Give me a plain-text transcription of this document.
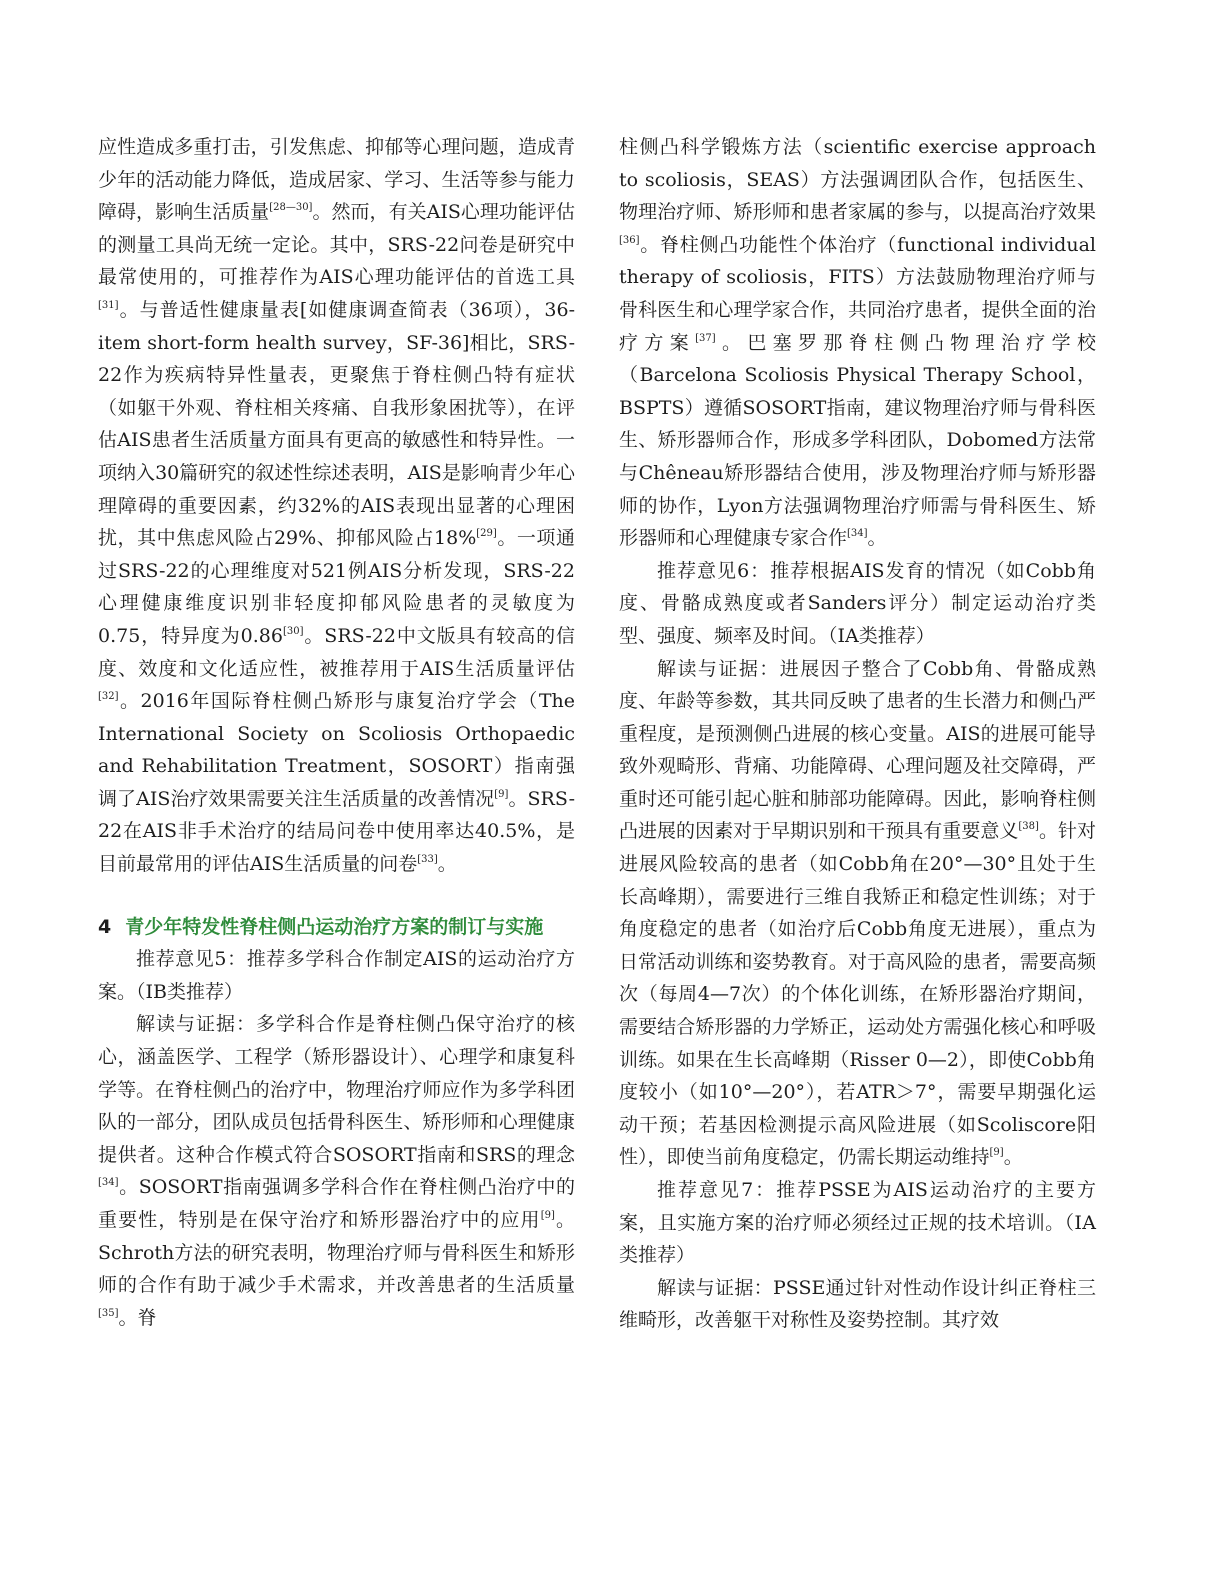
应性造成多重打击，引发焦虑、抑郁等心理问题，造成青少年的活动能力降低，造成居家、学习、生活等参与能力障碍，影响生活质量[28—30]。然而，有关AIS心理功能评估的测量工具尚无统一定论。其中，SRS-22问卷是研究中最常使用的，可推荐作为AIS心理功能评估的首选工具[31]。与普适性健康量表[如健康调查简表（36项），36-item short-form health survey，SF-36]相比，SRS-22作为疾病特异性量表，更聚焦于脊柱侧凸特有症状（如躯干外观、脊柱相关疼痛、自我形象困扰等），在评估AIS患者生活质量方面具有更高的敏感性和特异性。一项纳入30篇研究的叙述性综述表明，AIS是影响青少年心理障碍的重要因素，约32%的AIS表现出显著的心理困扰，其中焦虑风险占29%、抑郁风险占18%[29]。一项通过SRS-22的心理维度对521例AIS分析发现，SRS-22心理健康维度识别非轻度抑郁风险患者的灵敏度为0.75，特异度为0.86[30]。SRS-22中文版具有较高的信度、效度和文化适应性，被推荐用于AIS生活质量评估[32]。2016年国际脊柱侧凸矫形与康复治疗学会（The International Society on Scoliosis Orthopaedic and Rehabilitation Treatment，SOSORT）指南强调了AIS治疗效果需要关注生活质量的改善情况[9]。SRS-22在AIS非手术治疗的结局问卷中使用率达40.5%，是目前最常用的评估AIS生活质量的问卷[33]。

4 青少年特发性脊柱侧凸运动治疗方案的制订与实施

推荐意见5：推荐多学科合作制定AIS的运动治疗方案。（ⅠB类推荐）

解读与证据：多学科合作是脊柱侧凸保守治疗的核心，涵盖医学、工程学（矫形器设计）、心理学和康复科学等。在脊柱侧凸的治疗中，物理治疗师应作为多学科团队的一部分，团队成员包括骨科医生、矫形师和心理健康提供者。这种合作模式符合SOSORT指南和SRS的理念[34]。SOSORT指南强调多学科合作在脊柱侧凸治疗中的重要性，特别是在保守治疗和矫形器治疗中的应用[9]。Schroth方法的研究表明，物理治疗师与骨科医生和矫形师的合作有助于减少手术需求，并改善患者的生活质量[35]。脊

柱侧凸科学锻炼方法（scientific exercise approach to scoliosis，SEAS）方法强调团队合作，包括医生、物理治疗师、矫形师和患者家属的参与，以提高治疗效果[36]。脊柱侧凸功能性个体治疗（functional individual therapy of scoliosis，FITS）方法鼓励物理治疗师与骨科医生和心理学家合作，共同治疗患者，提供全面的治疗方案[37]。巴塞罗那脊柱侧凸物理治疗学校（Barcelona Scoliosis Physical Therapy School，BSPTS）遵循SOSORT指南，建议物理治疗师与骨科医生、矫形器师合作，形成多学科团队，Dobomed方法常与Chêneau矫形器结合使用，涉及物理治疗师与矫形器师的协作，Lyon方法强调物理治疗师需与骨科医生、矫形器师和心理健康专家合作[34]。

推荐意见6：推荐根据AIS发育的情况（如Cobb角度、骨骼成熟度或者Sanders评分）制定运动治疗类型、强度、频率及时间。（ⅠA类推荐）

解读与证据：进展因子整合了Cobb角、骨骼成熟度、年龄等参数，其共同反映了患者的生长潜力和侧凸严重程度，是预测侧凸进展的核心变量。AIS的进展可能导致外观畸形、背痛、功能障碍、心理问题及社交障碍，严重时还可能引起心脏和肺部功能障碍。因此，影响脊柱侧凸进展的因素对于早期识别和干预具有重要意义[38]。针对进展风险较高的患者（如Cobb角在20°—30°且处于生长高峰期），需要进行三维自我矫正和稳定性训练；对于角度稳定的患者（如治疗后Cobb角度无进展），重点为日常活动训练和姿势教育。对于高风险的患者，需要高频次（每周4—7次）的个体化训练，在矫形器治疗期间，需要结合矫形器的力学矫正，运动处方需强化核心和呼吸训练。如果在生长高峰期（Risser 0—2），即使Cobb角度较小（如10°—20°），若ATR＞7°，需要早期强化运动干预；若基因检测提示高风险进展（如Scoliscore阳性），即使当前角度稳定，仍需长期运动维持[9]。

推荐意见7：推荐PSSE为AIS运动治疗的主要方案，且实施方案的治疗师必须经过正规的技术培训。（ⅠA类推荐）

解读与证据：PSSE通过针对性动作设计纠正脊柱三维畸形，改善躯干对称性及姿势控制。其疗效
